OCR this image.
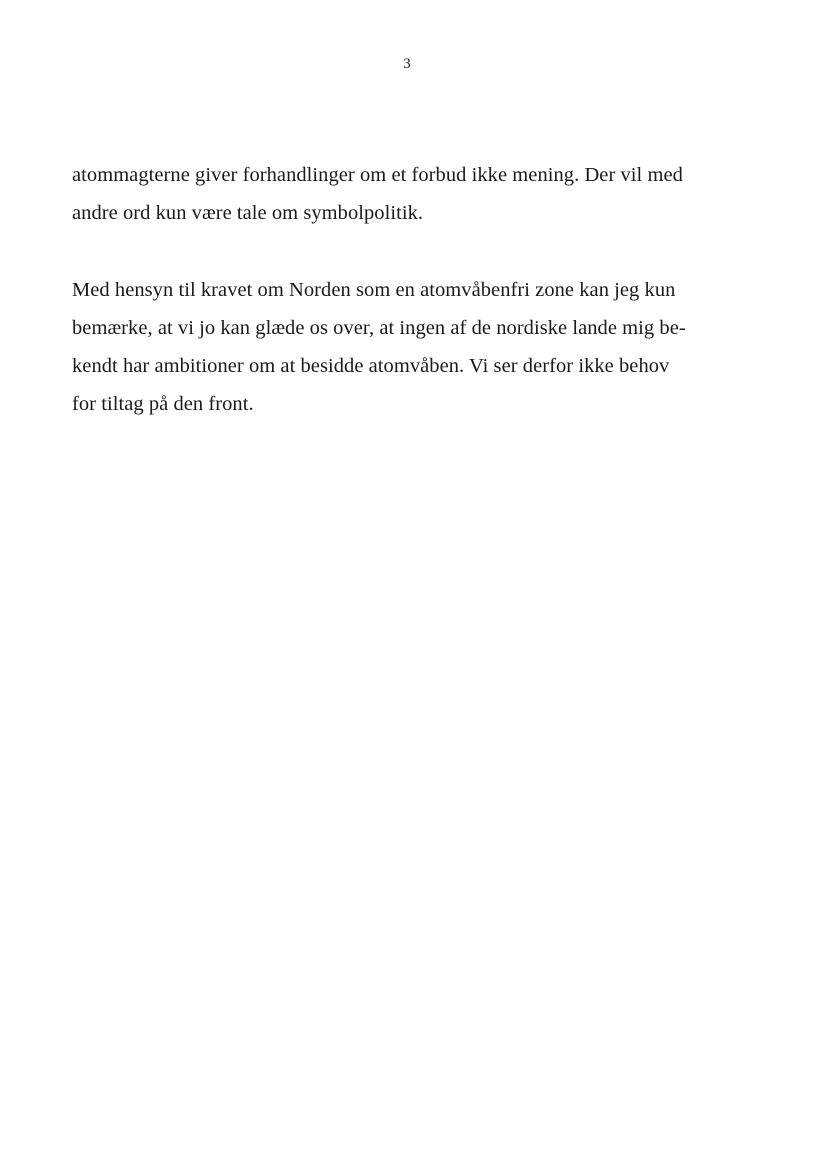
3
atommagterne giver forhandlinger om et forbud ikke mening. Der vil med
andre ord kun være tale om symbolpolitik.
Med hensyn til kravet om Norden som en atomvåbenfri zone kan jeg kun
bemærke, at vi jo kan glæde os over, at ingen af de nordiske lande mig be-
kendt har ambitioner om at besidde atomvåben. Vi ser derfor ikke behov
for tiltag på den front.
